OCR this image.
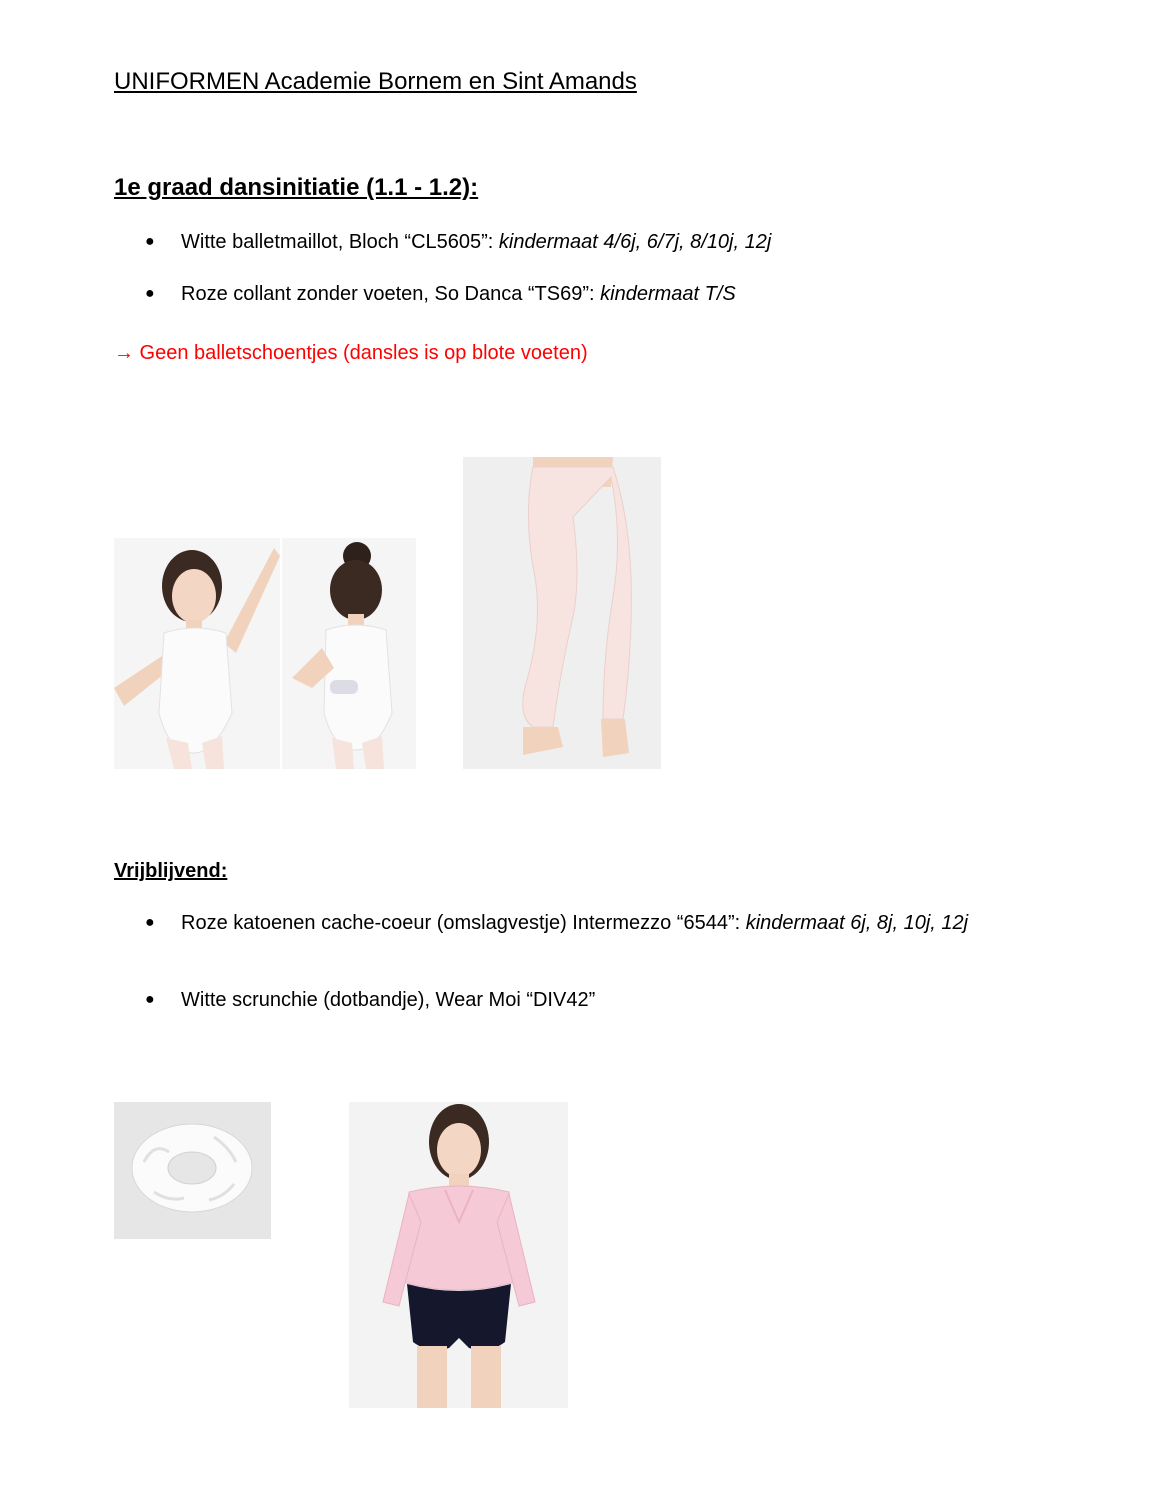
UNIFORMEN Academie Bornem en Sint Amands
1e graad dansinitiatie (1.1 - 1.2):
●	Witte balletmaillot, Bloch “CL5605”: kindermaat 4/6j, 6/7j, 8/10j, 12j
●	Roze collant zonder voeten, So Danca “TS69”: kindermaat T/S
→ Geen balletschoentjes (dansles is op blote voeten)
Vrijblijvend:
●	Roze katoenen cache-coeur (omslagvestje) Intermezzo “6544”: kindermaat 6j, 8j, 10j, 12j
●	Witte scrunchie (dotbandje), Wear Moi “DIV42”
